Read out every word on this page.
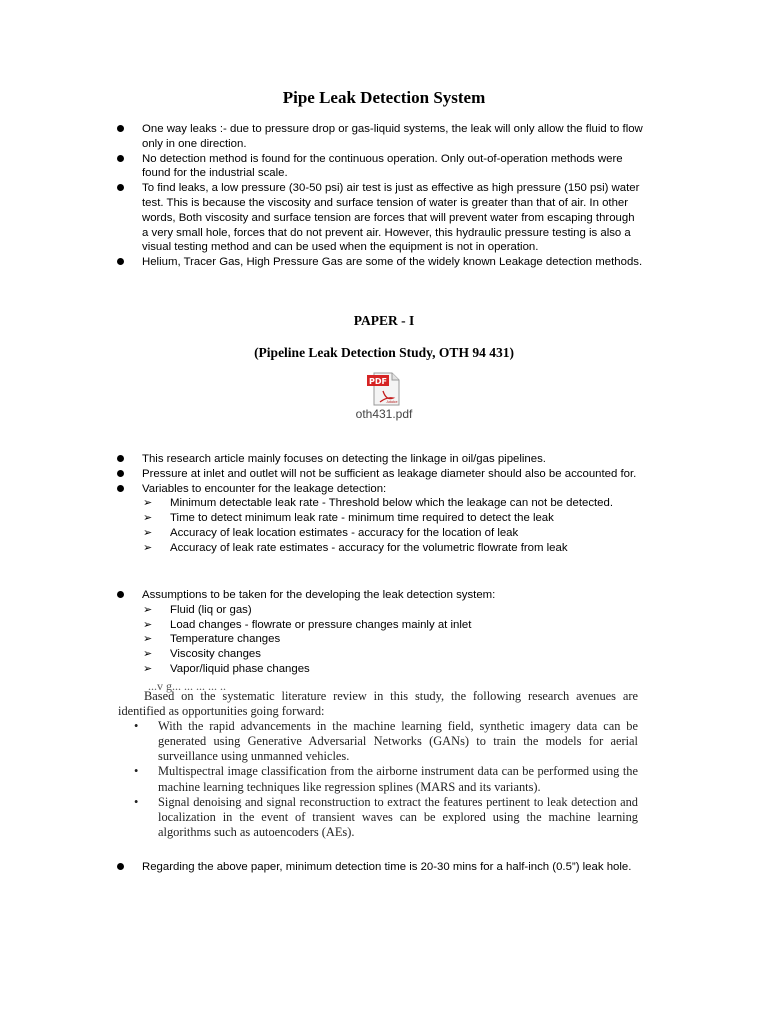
Pipe Leak Detection System
One way leaks :- due to pressure drop or gas-liquid systems, the leak will only allow the fluid to flow only in one direction.
No detection method is found for the continuous operation. Only out-of-operation methods were found for the industrial scale.
To find leaks, a low pressure (30-50 psi) air test is just as effective as high pressure (150 psi) water test. This is because the viscosity and surface tension of water is greater than that of air. In other words, Both viscosity and surface tension are forces that will prevent water from escaping through a very small hole, forces that do not prevent air. However, this hydraulic pressure testing is also a visual testing method and can be used when the equipment is not in operation.
Helium, Tracer Gas, High Pressure Gas are some of the widely known Leakage detection methods.
PAPER - I
(Pipeline Leak Detection Study, OTH 94 431)
PDF
Adobe
oth431.pdf
This research article mainly focuses on detecting the linkage in oil/gas pipelines.
Pressure at inlet and outlet will not be sufficient as leakage diameter should also be accounted for.
Variables to encounter for the leakage detection:
➢ Minimum detectable leak rate - Threshold below which the leakage can not be detected.
➢ Time to detect minimum leak rate - minimum time required to detect the leak
➢ Accuracy of leak location estimates - accuracy for the location of leak
➢ Accuracy of leak rate estimates - accuracy for the volumetric flowrate from leak
Assumptions to be taken for the developing the leak detection system:
➢ Fluid (liq or gas)
➢ Load changes - flowrate or pressure changes mainly at inlet
➢ Temperature changes
➢ Viscosity changes
➢ Vapor/liquid phase changes
...v g... ... ... ... ..

Based on the systematic literature review in this study, the following research avenues are identified as opportunities going forward:

• With the rapid advancements in the machine learning field, synthetic imagery data can be generated using Generative Adversarial Networks (GANs) to train the models for aerial surveillance using unmanned vehicles.
• Multispectral image classification from the airborne instrument data can be performed using the machine learning techniques like regression splines (MARS and its variants).
• Signal denoising and signal reconstruction to extract the features pertinent to leak detection and localization in the event of transient waves can be explored using the machine learning algorithms such as autoencoders (AEs).
Regarding the above paper, minimum detection time is 20-30 mins for a half-inch (0.5”) leak hole.
